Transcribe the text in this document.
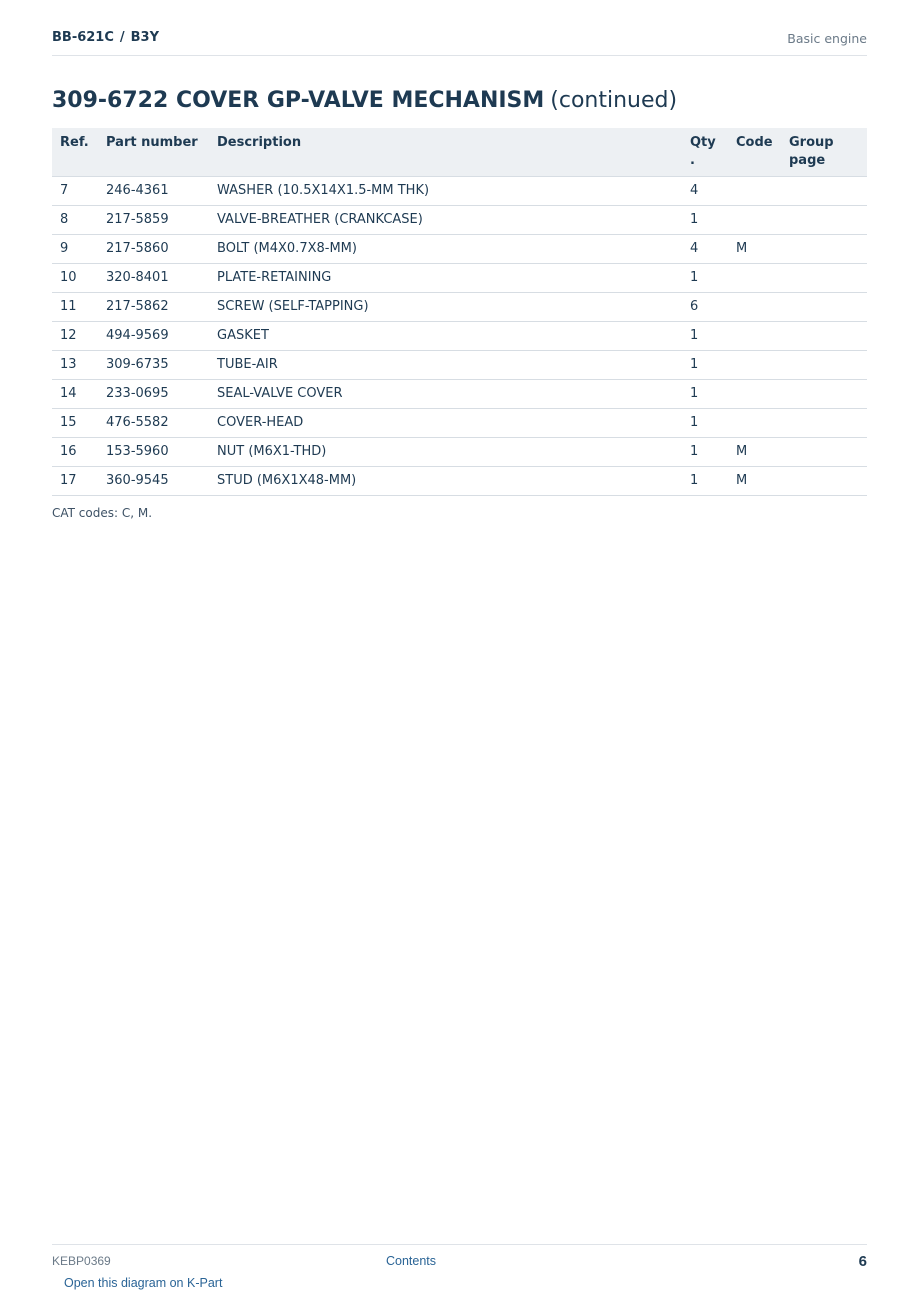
BB-621C / B3Y	Basic engine
309-6722 COVER GP-VALVE MECHANISM (continued)
Ref.	Part number	Description	Qty .	Code	Group page
7	246-4361	WASHER (10.5X14X1.5-MM THK)	4		
8	217-5859	VALVE-BREATHER (CRANKCASE)	1		
9	217-5860	BOLT (M4X0.7X8-MM)	4	M	
10	320-8401	PLATE-RETAINING	1		
11	217-5862	SCREW (SELF-TAPPING)	6		
12	494-9569	GASKET	1		
13	309-6735	TUBE-AIR	1		
14	233-0695	SEAL-VALVE COVER	1		
15	476-5582	COVER-HEAD	1		
16	153-5960	NUT (M6X1-THD)	1	M	
17	360-9545	STUD (M6X1X48-MM)	1	M	
CAT codes: C, M.
KEBP0369	Contents	6
Open this diagram on K-Part
